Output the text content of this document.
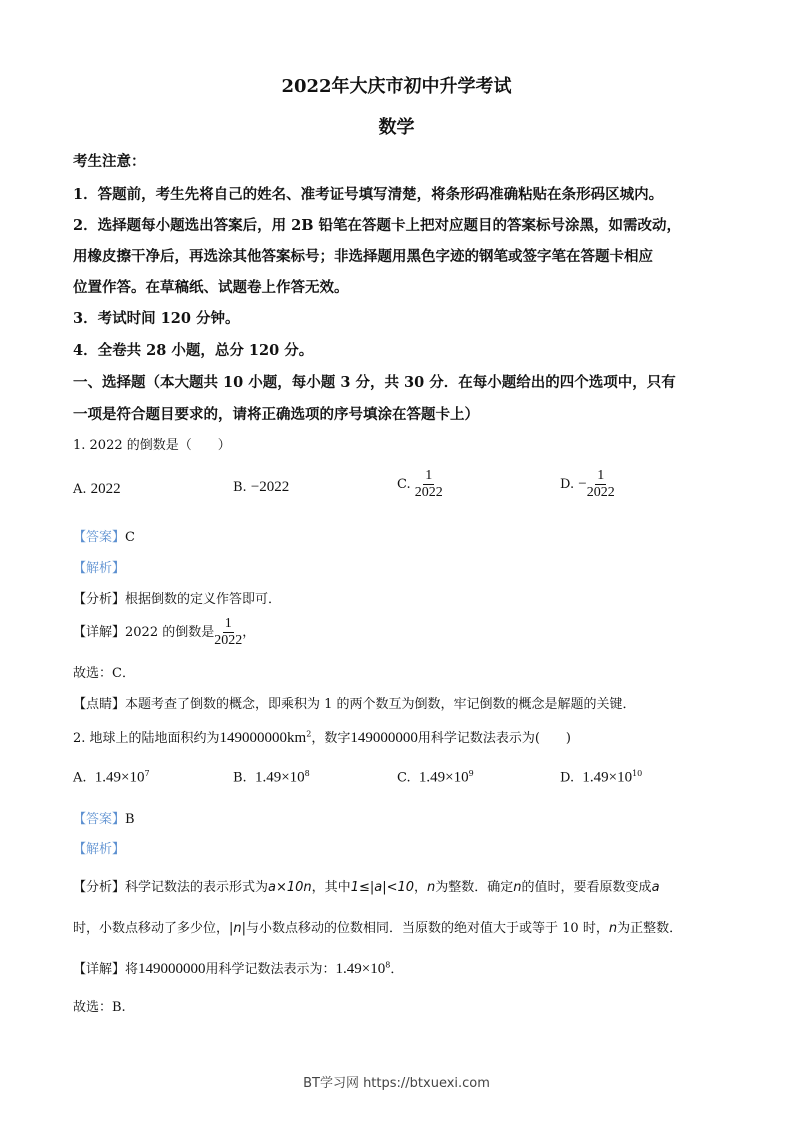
2022年大庆市初中升学考试
数学
考生注意：
1．答题前，考生先将自己的姓名、准考证号填写清楚，将条形码准确粘贴在条形码区城内。
2．选择题每小题选出答案后，用 2B 铅笔在答题卡上把对应题目的答案标号涂黑，如需改动，
用橡皮擦干净后，再选涂其他答案标号；非选择题用黑色字迹的钢笔或签字笔在答题卡相应
位置作答。在草稿纸、试题卷上作答无效。
3．考试时间 120 分钟。
4．全卷共 28 小题，总分 120 分。
一、选择题（本大题共 10 小题，每小题 3 分，共 30 分．在每小题给出的四个选项中，只有
一项是符合题目要求的，请将正确选项的序号填涂在答题卡上）
1. 2022 的倒数是（　　）
A. 2022	B. −2022	C. $\frac{1}{2022}$	D. − $\frac{1}{2022}$
【答案】C
【解析】
【分析】根据倒数的定义作答即可．
【详解】2022 的倒数是 $\frac{1}{2022}$ ，
故选：C．
【点睛】本题考查了倒数的概念，即乘积为 1 的两个数互为倒数，牢记倒数的概念是解题的关键．
2. 地球上的陆地面积约为$149000000km^2$，数字149000000用科学记数法表示为(　　)
A. $1.49\times 10^7$	B. $1.49\times 10^8$	C. $1.49\times 10^9$	D. $1.49\times 10^{10}$
【答案】B
【解析】
【分析】科学记数法的表示形式为a×10n，其中1≤|a|<10，n为整数．确定n的值时，要看原数变成a
时，小数点移动了多少位，|n|与小数点移动的位数相同．当原数的绝对值大于或等于 10 时，n为正整数．
【详解】将149000000用科学记数法表示为：$1.49\times 10^8$．
故选：B.
BT学习网 https://btxuexi.com
